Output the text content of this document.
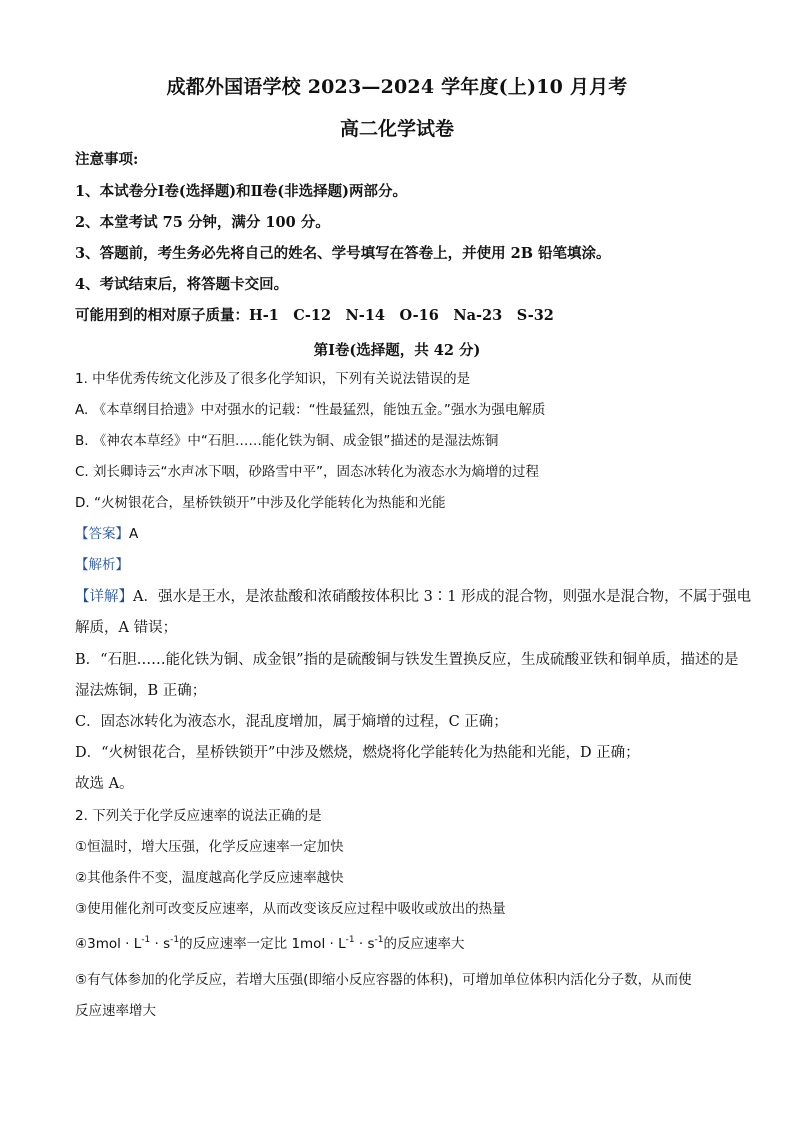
成都外国语学校 2023—2024 学年度(上)10 月月考
高二化学试卷
注意事项:
1、本试卷分Ⅰ卷(选择题)和Ⅱ卷(非选择题)两部分。
2、本堂考试 75 分钟，满分 100 分。
3、答题前，考生务必先将自己的姓名、学号填写在答卷上，并使用 2B 铅笔填涂。
4、考试结束后，将答题卡交回。
可能用到的相对原子质量：H-1　C-12　N-14　O-16　Na-23　S-32
第Ⅰ卷(选择题，共 42 分)
1. 中华优秀传统文化涉及了很多化学知识，下列有关说法错误的是
A. 《本草纲目拾遗》中对强水的记载：“性最猛烈，能蚀五金。”强水为强电解质
B. 《神农本草经》中“石胆……能化铁为铜、成金银”描述的是湿法炼铜
C. 刘长卿诗云“水声冰下咽，砂路雪中平”，固态冰转化为液态水为熵增的过程
D. “火树银花合，星桥铁锁开”中涉及化学能转化为热能和光能
【答案】A
【解析】
【详解】A．强水是王水，是浓盐酸和浓硝酸按体积比 3∶1 形成的混合物，则强水是混合物，不属于强电
解质，A 错误；
B．“石胆……能化铁为铜、成金银”指的是硫酸铜与铁发生置换反应，生成硫酸亚铁和铜单质，描述的是
湿法炼铜，B 正确；
C．固态冰转化为液态水，混乱度增加，属于熵增的过程，C 正确；
D．“火树银花合，星桥铁锁开”中涉及燃烧，燃烧将化学能转化为热能和光能，D 正确；
故选 A。
2. 下列关于化学反应速率的说法正确的是
①恒温时，增大压强，化学反应速率一定加快
②其他条件不变，温度越高化学反应速率越快
③使用催化剂可改变反应速率，从而改变该反应过程中吸收或放出的热量
④3mol · $L^{-1} \cdot s^{-1}$的反应速率一定比 $1mol \cdot L^{-1} \cdot s^{-1}$的反应速率大
⑤有气体参加的化学反应，若增大压强(即缩小反应容器的体积)，可增加单位体积内活化分子数，从而使
反应速率增大
